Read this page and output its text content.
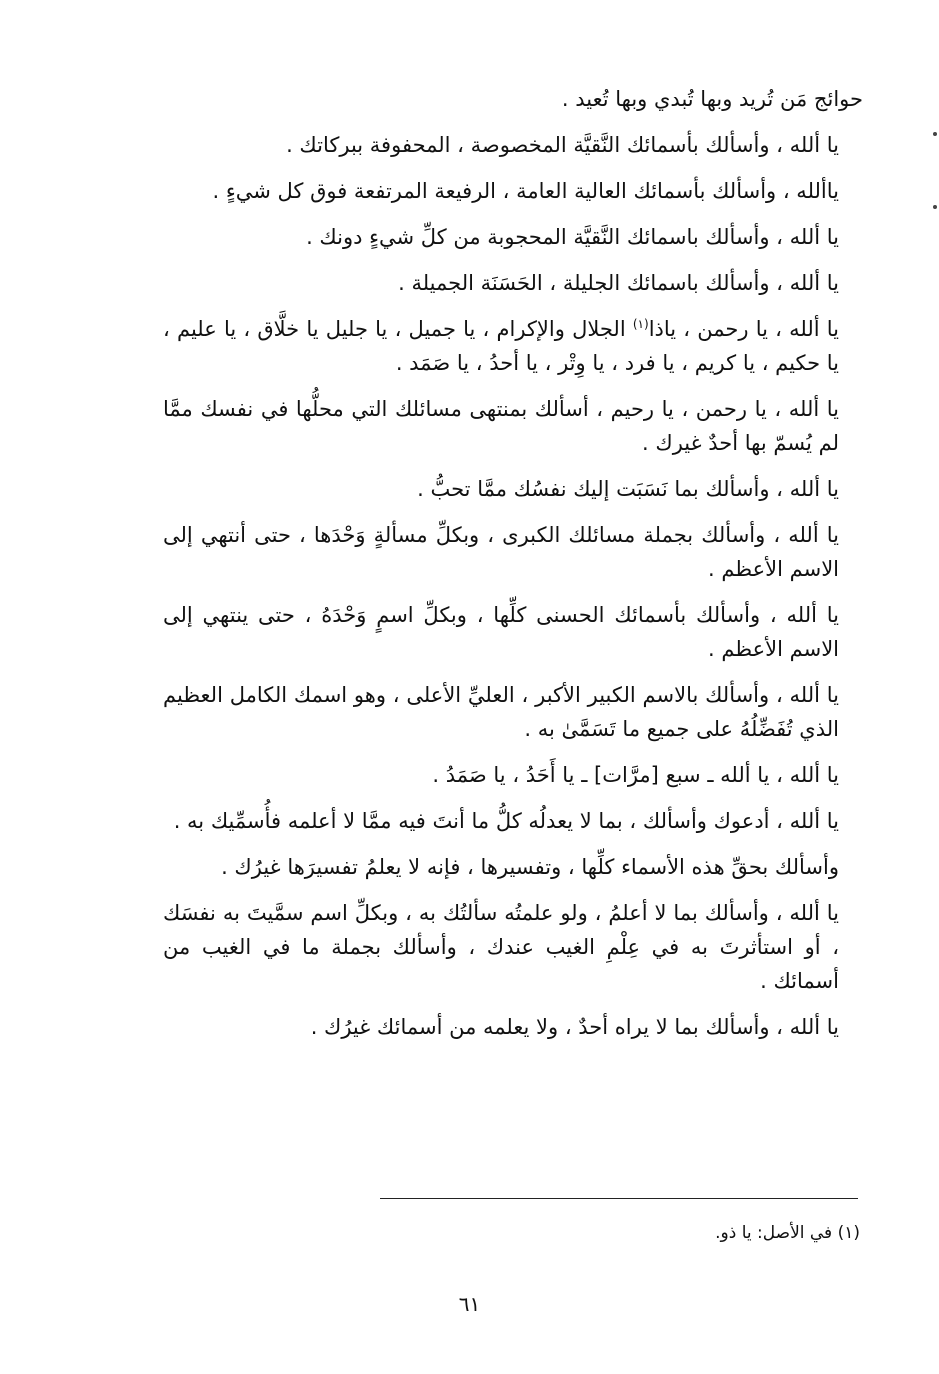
حوائج مَن تُريد وبها تُبدي وبها تُعيد .

يا ألله ، وأسألك بأسمائك النَّقيَّة المخصوصة ، المحفوفة ببركاتك .

ياألله ، وأسألك بأسمائك العالية العامة ، الرفيعة المرتفعة فوق كل شيءٍ .

يا ألله ، وأسألك باسمائك النَّقيَّة المحجوبة من كلِّ شيءٍ دونك .

يا ألله ، وأسألك باسمائك الجليلة ، الحَسَنَة الجميلة .

يا ألله ، يا رحمن ، ياذا$^{(١)}$ الجلال والإكرام ، يا جميل ، يا جليل يا خلَّاق ، يا عليم ، يا حكيم ، يا كريم ، يا فرد ، يا وِتْر ، يا أحدُ ، يا صَمَد .

يا ألله ، يا رحمن ، يا رحيم ، أسألك بمنتهى مسائلك التي محلُّها في نفسك ممَّا لم يُسمّ بها أحدٌ غيرك .

يا ألله ، وأسألك بما نَسَبَت إليك نفسُك ممَّا تحبُّ .

يا ألله ، وأسألك بجملة مسائلك الكبرى ، وبكلِّ مسألةٍ وَحْدَها ، حتى أنتهي إلى الاسم الأعظم .

يا ألله ، وأسألك بأسمائك الحسنى كلِّها ، وبكلِّ اسمٍ وَحْدَهُ ، حتى ينتهي إلى الاسم الأعظم .

يا ألله ، وأسألك بالاسم الكبير الأكبر ، العليِّ الأعلى ، وهو اسمك الكامل العظيم الذي تُفَضِّلُهُ على جميع ما تَسَمَّىٰ به .

يا ألله ، يا ألله ـ سبع [مرَّات] ـ يا أَحَدُ ، يا صَمَدُ .

يا ألله ، أدعوك وأسألك ، بما لا يعدلُه كلُّ ما أنتَ فيه ممَّا لا أعلمه فأُسمِّيك به .

وأسألك بحقِّ هذه الأسماء كلِّها ، وتفسيرها ، فإنه لا يعلمُ تفسيرَها غيرُك .

يا ألله ، وأسألك بما لا أعلمُ ، ولو علمتُه سألتُك به ، وبكلِّ اسم سمَّيتَ به نفسَك ، أو استأثرتَ به في عِلْمِ الغيب عندك ، وأسألك بجملة ما في الغيب من أسمائك .

يا ألله ، وأسألك بما لا يراه أحدٌ ، ولا يعلمه من أسمائك غيرُك .

(١) في الأصل: يا ذو.
٦١
